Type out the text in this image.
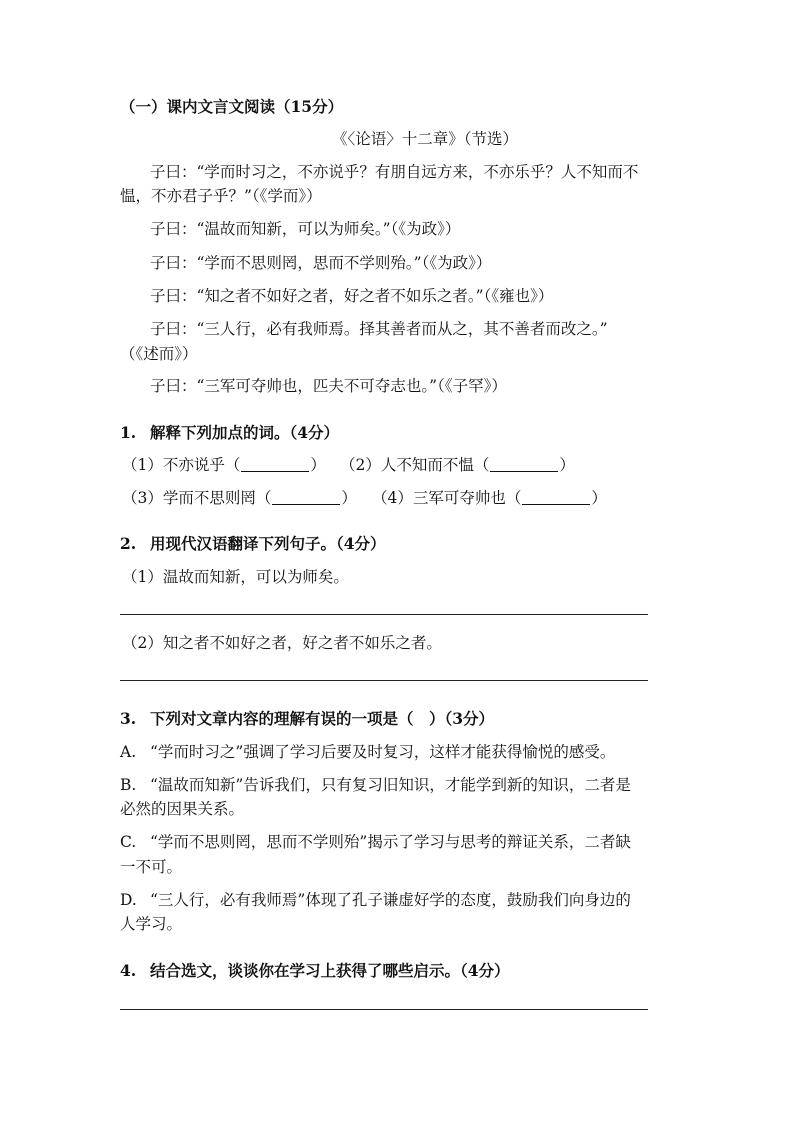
（一）课内文言文阅读（15分）
《〈论语〉十二章》（节选）
子曰：“学而时习之，不亦说乎？有朋自远方来，不亦乐乎？人不知而不
愠，不亦君子乎？”（《学而》）
子曰：“温故而知新，可以为师矣。”（《为政》）
子曰：“学而不思则罔，思而不学则殆。”（《为政》）
子曰：“知之者不如好之者，好之者不如乐之者。”（《雍也》）
子曰：“三人行，必有我师焉。择其善者而从之，其不善者而改之。”
（《述而》）
子曰：“三军可夺帅也，匹夫不可夺志也。”（《子罕》）
1. 解释下列加点的词。（4分）
（1）不亦说乎（	） （2）人不知而不愠（	）
（3）学而不思则罔（	） （4）三军可夺帅也（	）
2. 用现代汉语翻译下列句子。（4分）
（1）温故而知新，可以为师矣。
（2）知之者不如好之者，好之者不如乐之者。
3. 下列对文章内容的理解有误的一项是（　）（3分）
A. “学而时习之”强调了学习后要及时复习，这样才能获得愉悦的感受。
B. “温故而知新”告诉我们，只有复习旧知识，才能学到新的知识，二者是
必然的因果关系。
C. “学而不思则罔，思而不学则殆”揭示了学习与思考的辩证关系，二者缺
一不可。
D. “三人行，必有我师焉”体现了孔子谦虚好学的态度，鼓励我们向身边的
人学习。
4. 结合选文，谈谈你在学习上获得了哪些启示。（4分）
